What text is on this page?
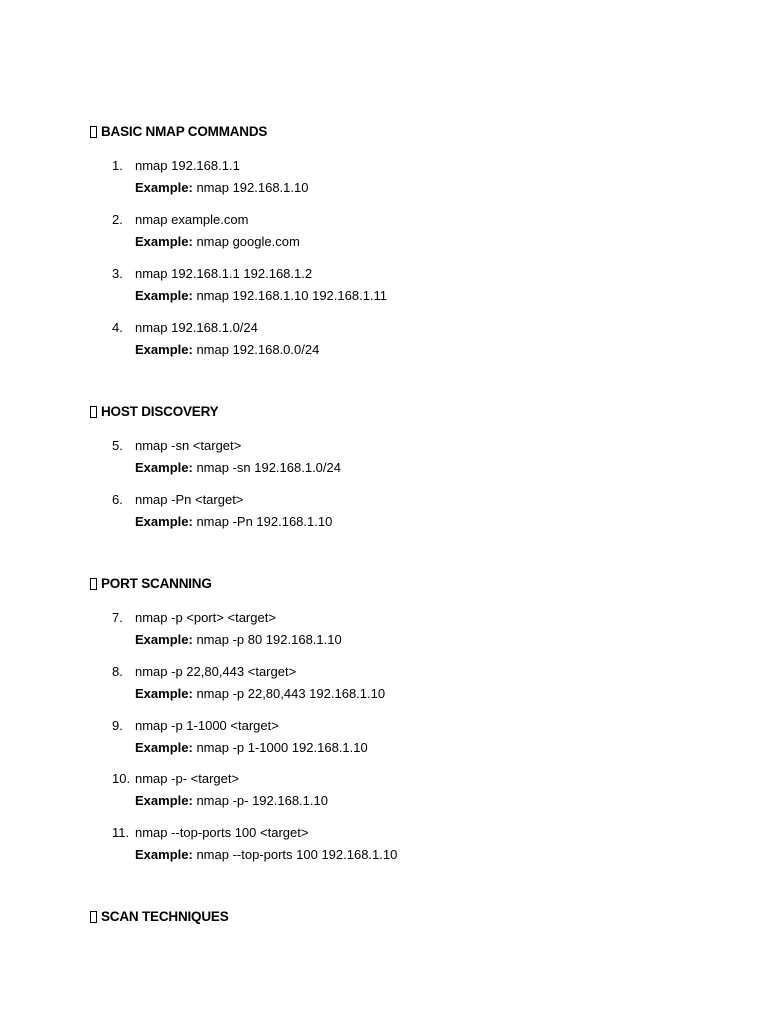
BASIC NMAP COMMANDS
1. nmap 192.168.1.1
Example: nmap 192.168.1.10
2. nmap example.com
Example: nmap google.com
3. nmap 192.168.1.1 192.168.1.2
Example: nmap 192.168.1.10 192.168.1.11
4. nmap 192.168.1.0/24
Example: nmap 192.168.0.0/24
HOST DISCOVERY
5. nmap -sn <target>
Example: nmap -sn 192.168.1.0/24
6. nmap -Pn <target>
Example: nmap -Pn 192.168.1.10
PORT SCANNING
7. nmap -p <port> <target>
Example: nmap -p 80 192.168.1.10
8. nmap -p 22,80,443 <target>
Example: nmap -p 22,80,443 192.168.1.10
9. nmap -p 1-1000 <target>
Example: nmap -p 1-1000 192.168.1.10
10. nmap -p- <target>
Example: nmap -p- 192.168.1.10
11. nmap --top-ports 100 <target>
Example: nmap --top-ports 100 192.168.1.10
SCAN TECHNIQUES
